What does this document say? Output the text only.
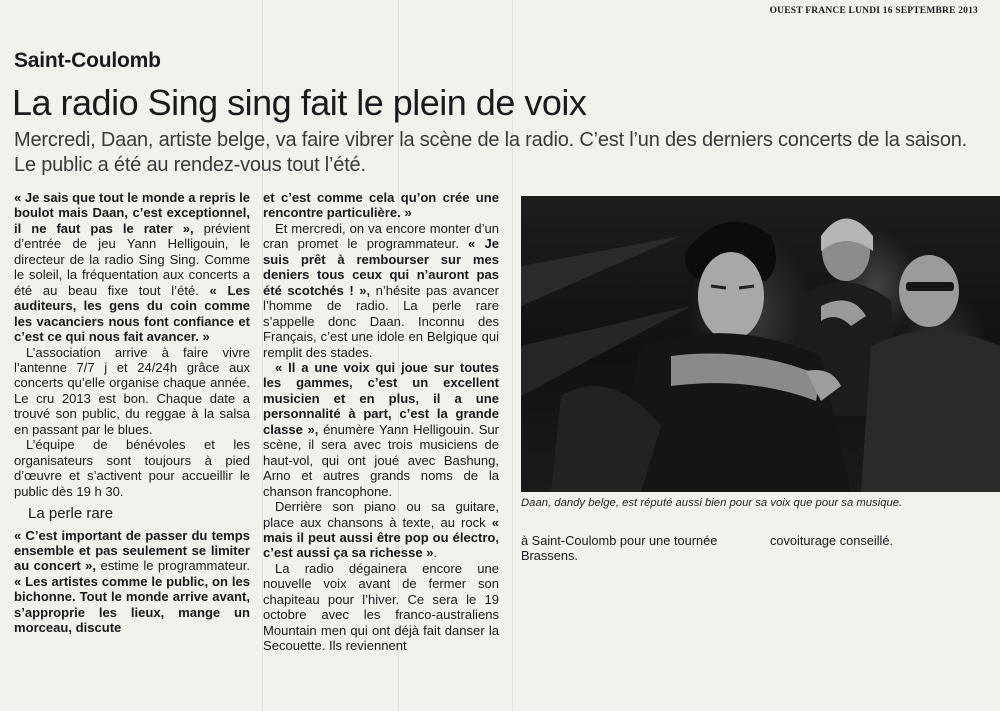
OUEST FRANCE LUNDI 16 SEPTEMBRE 2013
Saint-Coulomb
La radio Sing sing fait le plein de voix
Mercredi, Daan, artiste belge, va faire vibrer la scène de la radio. C’est l’un des derniers concerts de la saison.
Le public a été au rendez-vous tout l’été.

« Je sais que tout le monde a repris le boulot mais Daan, c’est exceptionnel, il ne faut pas le rater », prévient d’entrée de jeu Yann Helligouin, le directeur de la radio Sing Sing. Comme le soleil, la fréquentation aux concerts a été au beau fixe tout l’été. « Les auditeurs, les gens du coin comme les vacanciers nous font confiance et c’est ce qui nous fait avancer. »

L’association arrive à faire vivre l’antenne 7/7 j et 24/24h grâce aux concerts qu’elle organise chaque année. Le cru 2013 est bon. Chaque date a trouvé son public, du reggae à la salsa en passant par le blues.

L’équipe de bénévoles et les organisateurs sont toujours à pied d’œuvre et s’activent pour accueillir le public dès 19 h 30.

La perle rare

« C’est important de passer du temps ensemble et pas seulement se limiter au concert », estime le programmateur. « Les artistes comme le public, on les bichonne. Tout le monde arrive avant, s’approprie les lieux, mange un morceau, discute

et c’est comme cela qu’on crée une rencontre particulière. »

Et mercredi, on va encore monter d’un cran promet le programmateur. « Je suis prêt à rembourser sur mes deniers tous ceux qui n’auront pas été scotchés ! », n’hésite pas avancer l’homme de radio. La perle rare s’appelle donc Daan. Inconnu des Français, c’est une idole en Belgique qui remplit des stades.

« Il a une voix qui joue sur toutes les gammes, c’est un excellent musicien et en plus, il a une personnalité à part, c’est la grande classe », énumère Yann Helligouin. Sur scène, il sera avec trois musiciens de haut-vol, qui ont joué avec Bashung, Arno et autres grands noms de la chanson francophone.

Derrière son piano ou sa guitare, place aux chansons à texte, au rock « mais il peut aussi être pop ou électro, c’est aussi ça sa richesse ».

La radio dégainera encore une nouvelle voix avant de fermer son chapiteau pour l’hiver. Ce sera le 19 octobre avec les franco-australiens Mountain men qui ont déjà fait danser la Secouette. Ils reviennent

Daan, dandy belge, est réputé aussi bien pour sa voix que pour sa musique.
à Saint-Coulomb pour une tournée Brassens.
covoiturage conseillé.
